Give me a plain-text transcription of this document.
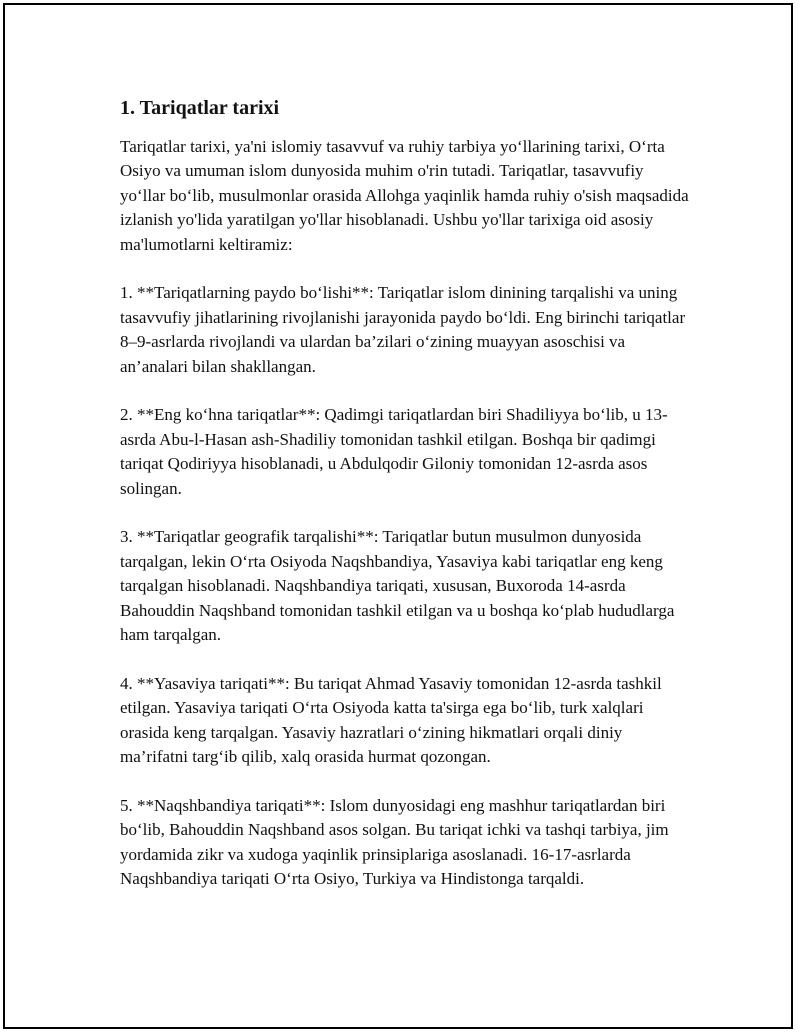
1. Tariqatlar tarixi

Tariqatlar tarixi, ya'ni islomiy tasavvuf va ruhiy tarbiya yo‘llarining tarixi, O‘rta Osiyo va umuman islom dunyosida muhim o'rin tutadi. Tariqatlar, tasavvufiy yo‘llar bo‘lib, musulmonlar orasida Allohga yaqinlik hamda ruhiy o'sish maqsadida izlanish yo'lida yaratilgan yo'llar hisoblanadi. Ushbu yo'llar tarixiga oid asosiy ma'lumotlarni keltiramiz:

1. **Tariqatlarning paydo bo‘lishi**: Tariqatlar islom dinining tarqalishi va uning tasavvufiy jihatlarining rivojlanishi jarayonida paydo bo‘ldi. Eng birinchi tariqatlar 8–9-asrlarda rivojlandi va ulardan ba’zilari o‘zining muayyan asoschisi va an’analari bilan shakllangan.

2. **Eng ko‘hna tariqatlar**: Qadimgi tariqatlardan biri Shadiliyya bo‘lib, u 13-asrda Abu-l-Hasan ash-Shadiliy tomonidan tashkil etilgan. Boshqa bir qadimgi tariqat Qodiriyya hisoblanadi, u Abdulqodir Giloniy tomonidan 12-asrda asos solingan.

3. **Tariqatlar geografik tarqalishi**: Tariqatlar butun musulmon dunyosida tarqalgan, lekin O‘rta Osiyoda Naqshbandiya, Yasaviya kabi tariqatlar eng keng tarqalgan hisoblanadi. Naqshbandiya tariqati, xususan, Buxoroda 14-asrda Bahouddin Naqshband tomonidan tashkil etilgan va u boshqa ko‘plab hududlarga ham tarqalgan.

4. **Yasaviya tariqati**: Bu tariqat Ahmad Yasaviy tomonidan 12-asrda tashkil etilgan. Yasaviya tariqati O‘rta Osiyoda katta ta'sirga ega bo‘lib, turk xalqlari orasida keng tarqalgan. Yasaviy hazratlari o‘zining hikmatlari orqali diniy ma’rifatni targ‘ib qilib, xalq orasida hurmat qozongan.

5. **Naqshbandiya tariqati**: Islom dunyosidagi eng mashhur tariqatlardan biri bo‘lib, Bahouddin Naqshband asos solgan. Bu tariqat ichki va tashqi tarbiya, jim yordamida zikr va xudoga yaqinlik prinsiplariga asoslanadi. 16-17-asrlarda Naqshbandiya tariqati O‘rta Osiyo, Turkiya va Hindistonga tarqaldi.
